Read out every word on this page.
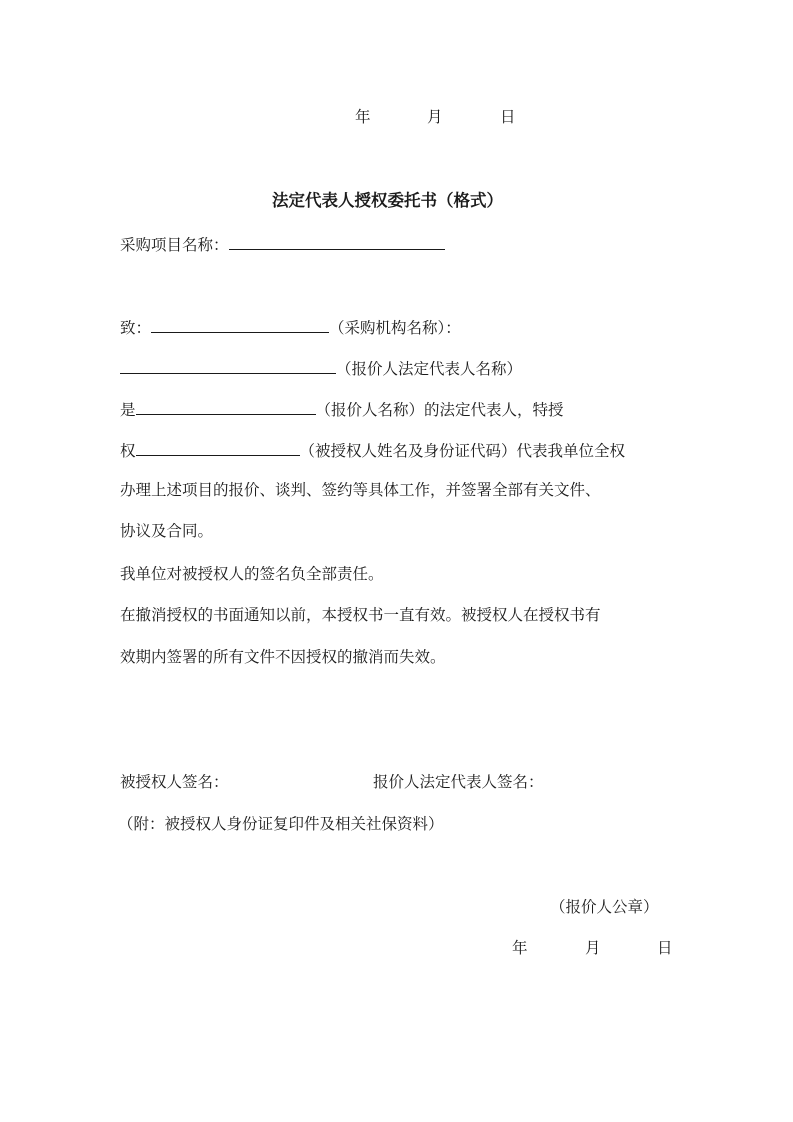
年	月	日
法定代表人授权委托书（格式）
采购项目名称：
致：	（采购机构名称）：
（报价人法定代表人名称）
是	（报价人名称）的法定代表人，特授
权	（被授权人姓名及身份证代码）代表我单位全权
办理上述项目的报价、谈判、签约等具体工作，并签署全部有关文件、
协议及合同。
我单位对被授权人的签名负全部责任。
在撤消授权的书面通知以前，本授权书一直有效。被授权人在授权书有
效期内签署的所有文件不因授权的撤消而失效。
被授权人签名：	报价人法定代表人签名：
（附：被授权人身份证复印件及相关社保资料）
（报价人公章）
年	月	日
